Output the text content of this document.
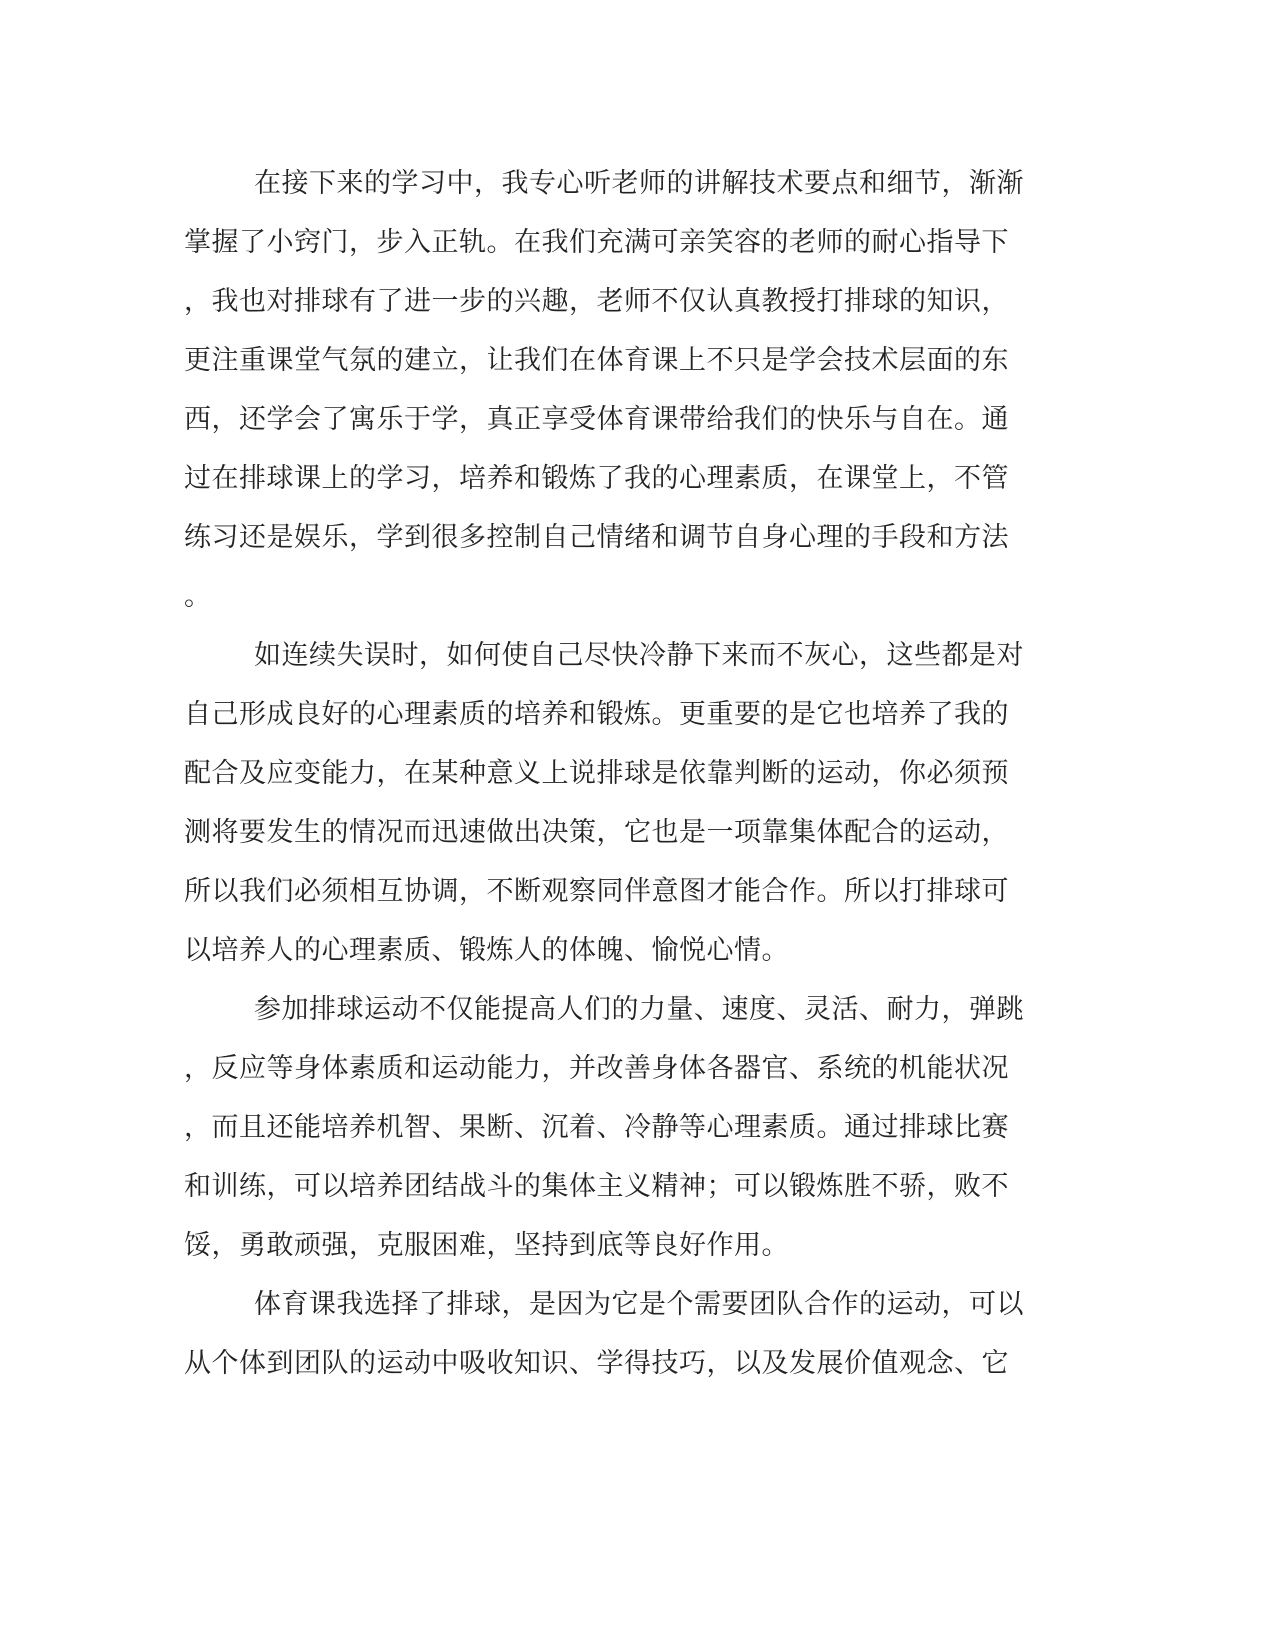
在接下来的学习中，我专心听老师的讲解技术要点和细节，渐渐
掌握了小窍门，步入正轨。在我们充满可亲笑容的老师的耐心指导下
，我也对排球有了进一步的兴趣，老师不仅认真教授打排球的知识，
更注重课堂气氛的建立，让我们在体育课上不只是学会技术层面的东
西，还学会了寓乐于学，真正享受体育课带给我们的快乐与自在。通
过在排球课上的学习，培养和锻炼了我的心理素质，在课堂上，不管
练习还是娱乐，学到很多控制自己情绪和调节自身心理的手段和方法
。
如连续失误时，如何使自己尽快冷静下来而不灰心，这些都是对
自己形成良好的心理素质的培养和锻炼。更重要的是它也培养了我的
配合及应变能力，在某种意义上说排球是依靠判断的运动，你必须预
测将要发生的情况而迅速做出决策，它也是一项靠集体配合的运动，
所以我们必须相互协调，不断观察同伴意图才能合作。所以打排球可
以培养人的心理素质、锻炼人的体魄、愉悦心情。
参加排球运动不仅能提高人们的力量、速度、灵活、耐力，弹跳
，反应等身体素质和运动能力，并改善身体各器官、系统的机能状况
，而且还能培养机智、果断、沉着、冷静等心理素质。通过排球比赛
和训练，可以培养团结战斗的集体主义精神；可以锻炼胜不骄，败不
馁，勇敢顽强，克服困难，坚持到底等良好作用。
体育课我选择了排球，是因为它是个需要团队合作的运动，可以
从个体到团队的运动中吸收知识、学得技巧，以及发展价值观念、它
